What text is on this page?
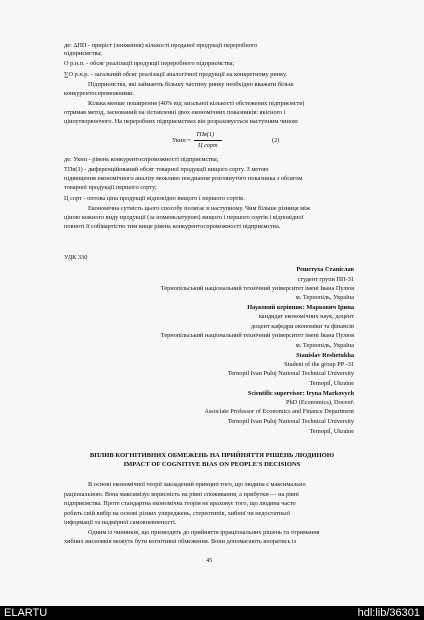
де: ΔПП - приріст (зниження) кількості проданої продукції переробного
підприємства;
О р.н.п. - обсяг реалізації продукції переробного підприємства;
∑О р.н.р. - загальний обсяг реалізації аналогічної продукції на конкретному ринку.
Підприємства, які займають більшу частину ринку необхідно вважати більш
конкурентоспроможними.
Кілька менше поширення (40% від загальної кількості обстежених підприємств)
отримав метод, заснований на зіставленні двох економічних показників: якісного і
ціноутворюючого. На переробних підприємствах він розраховується наступним чином:
Укнп =
ТПв(1)
Ц сорт
(2)
де: Укнп - рівень конкурентоспроможності підприємства;
ТПв(1) - диференційований обсяг товарної продукції вищого сорту. З метою
підвищення економічного аналізу можливо поєднання розглянутого показника з обсягом
товарної продукції першого сорту;
Ц сорт - оптова ціна продукції відповідно вищого і першого сортів.
Економічна сутність цього способу полягає в наступному. Чим більше різниця між
ціною кожного виду продукції (за номенклатурою) вищого і першого сортів і відповідної
повноті її собівартістю тим вище рівень конкурентоспроможності підприємства.
УДК 330
Решетуха Станіслав
студент групи ПП-31
Тернопільський національний технічний університет імені Івана Пулюя
м. Тернопіль, Україна
Науковий керівник: Маркович Ірина
кандидат економічних наук, доцент
доцент кафедри економіки та фінансів
Тернопільський національний технічний університет імені Івана Пулюя
м. Тернопіль, Україна
Stanislav Reshetukha
Student of the group PP -31
Ternopil Ivan Puluj National Technical University
Ternopil, Ukraine
Scientific supervisor: Iryna Markovych
PhD (Economics), Docent\
Associate Professor of Economics and Finance Department
Ternopil Ivan Puluj National Technical University
Ternopil, Ukraine
ВПЛИВ КОГНІТИВНИХ ОБМЕЖЕНЬ НА ПРИЙНЯТТЯ РІШЕНЬ ЛЮДИНОЮ
IMPACT OF COGNITIVE BIAS ON PEOPLE'S DECISIONS
В основі економічної теорії закладений принцип того, що людина є максимально
раціональною. Вона максимізує корисність на рівні споживання, а прибутки — на рівні
підприємства. Проте стандартна економічна теорія не враховує того, що людина часто
робить свій вибір на основі різних упереджень, стереотипів, хибної чи недостатньої
інформації та надмірної самовпевненості.
Одним із чинників, що призводить до прийняття ірраціональних рішень та отримання
хибних висновків можуть бути когнітивні обмеження. Вони допомагають впоратись із
45
ELARTU	hdl:lib/36301
